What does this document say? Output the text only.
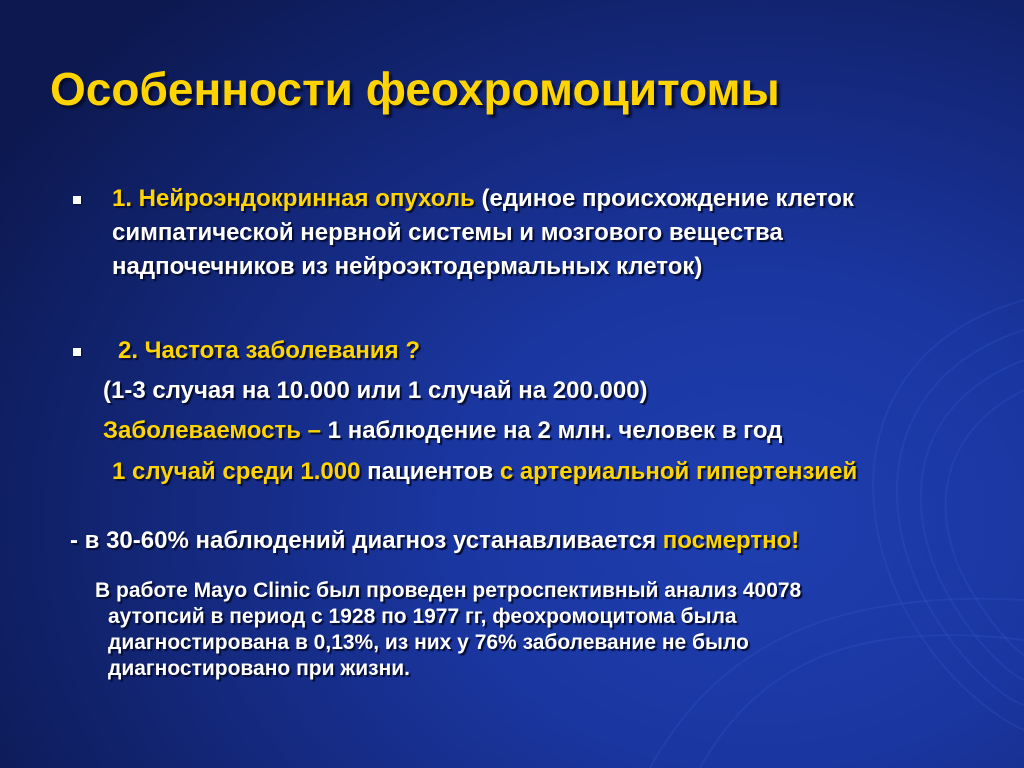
Особенности феохромоцитомы
1. Нейроэндокринная опухоль (единое происхождение клеток
симпатической нервной системы и мозгового вещества
надпочечников из нейроэктодермальных клеток)
2. Частота заболевания ?
(1-3 случая на 10.000 или 1 случай на 200.000)
Заболеваемость – 1 наблюдение на 2 млн. человек в год
1 случай среди 1.000 пациентов с артериальной гипертензией
- в 30-60% наблюдений диагноз устанавливается посмертно!
В работе Mayo Clinic был проведен ретроспективный анализ 40078
аутопсий в период с 1928 по 1977 гг, феохромоцитома была
диагностирована в 0,13%, из них у 76% заболевание не было
диагностировано при жизни.
